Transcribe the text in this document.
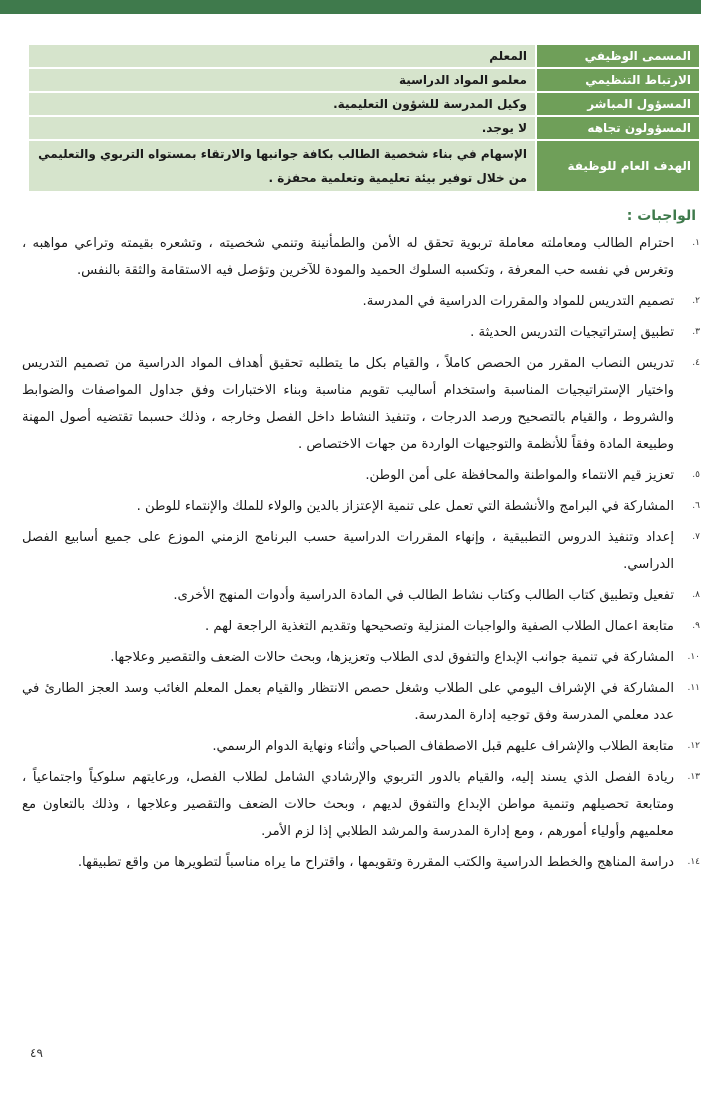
المعلم	المسمى الوظيفي
معلمو المواد الدراسية	الارتباط التنظيمي
وكيل المدرسة للشؤون التعليمية.	المسؤول المباشر
لا يوجد.	المسؤولون تجاهه
الإسهام في بناء شخصية الطالب بكافة جوانبها والارتقاء بمستواه التربوي والتعليمي من خلال توفير بيئة تعليمية وتعلمية محفزة .	الهدف العام للوظيفة
الواجبات :
١.
احترام الطالب ومعاملته معاملة تربوية تحقق له الأمن والطمأنينة وتنمي شخصيته ، وتشعره بقيمته وتراعي مواهبه ، وتغرس في نفسه حب المعرفة ، وتكسبه السلوك الحميد والمودة للآخرين وتؤصل فيه الاستقامة والثقة بالنفس.
٢.
تصميم التدريس للمواد والمقررات الدراسية في المدرسة.
٣.
تطبيق إستراتيجيات التدريس الحديثة .
٤.
تدريس النصاب المقرر من الحصص كاملاً ، والقيام بكل ما يتطلبه تحقيق أهداف المواد الدراسية من تصميم التدريس واختيار الإستراتيجيات المناسبة واستخدام أساليب تقويم مناسبة وبناء الاختبارات وفق جداول المواصفات والضوابط والشروط ، والقيام بالتصحيح ورصد الدرجات ، وتنفيذ النشاط داخل الفصل وخارجه ، وذلك حسبما تقتضيه أصول المهنة وطبيعة المادة وفقاً للأنظمة والتوجيهات الواردة من جهات الاختصاص .
٥.
تعزيز قيم الانتماء والمواطنة والمحافظة على أمن الوطن.
٦.
المشاركة في البرامج والأنشطة التي تعمل على تنمية الإعتزاز بالدين والولاء للملك والإنتماء للوطن .
٧.
إعداد وتنفيذ الدروس التطبيقية ، وإنهاء المقررات الدراسية حسب البرنامج الزمني الموزع على جميع أسابيع الفصل الدراسي.
٨.
تفعيل وتطبيق كتاب الطالب وكتاب نشاط الطالب في المادة الدراسية وأدوات المنهج الأخرى.
٩.
متابعة اعمال الطلاب الصفية والواجبات المنزلية وتصحيحها وتقديم التغذية الراجعة لهم .
١٠.
المشاركة في تنمية جوانب الإبداع والتفوق لدى الطلاب وتعزيزها، وبحث حالات الضعف والتقصير وعلاجها.
١١.
المشاركة في الإشراف اليومي على الطلاب وشغل حصص الانتظار والقيام بعمل المعلم الغائب وسد العجز الطارئ في عدد معلمي المدرسة وفق توجيه إدارة المدرسة.
١٢.
متابعة الطلاب والإشراف عليهم قبل الاصطفاف الصباحي وأثناء ونهاية الدوام الرسمي.
١٣.
ريادة الفصل الذي يسند إليه، والقيام بالدور التربوي والإرشادي الشامل لطلاب الفصل، ورعايتهم سلوكياً واجتماعياً ، ومتابعة تحصيلهم وتنمية مواطن الإبداع والتفوق لديهم ، وبحث حالات الضعف والتقصير وعلاجها ، وذلك بالتعاون مع معلميهم وأولياء أمورهم ، ومع إدارة المدرسة والمرشد الطلابي إذا لزم الأمر.
١٤.
دراسة المناهج والخطط الدراسية والكتب المقررة وتقويمها ، واقتراح ما يراه مناسباً لتطويرها من واقع تطبيقها.
٤٩
